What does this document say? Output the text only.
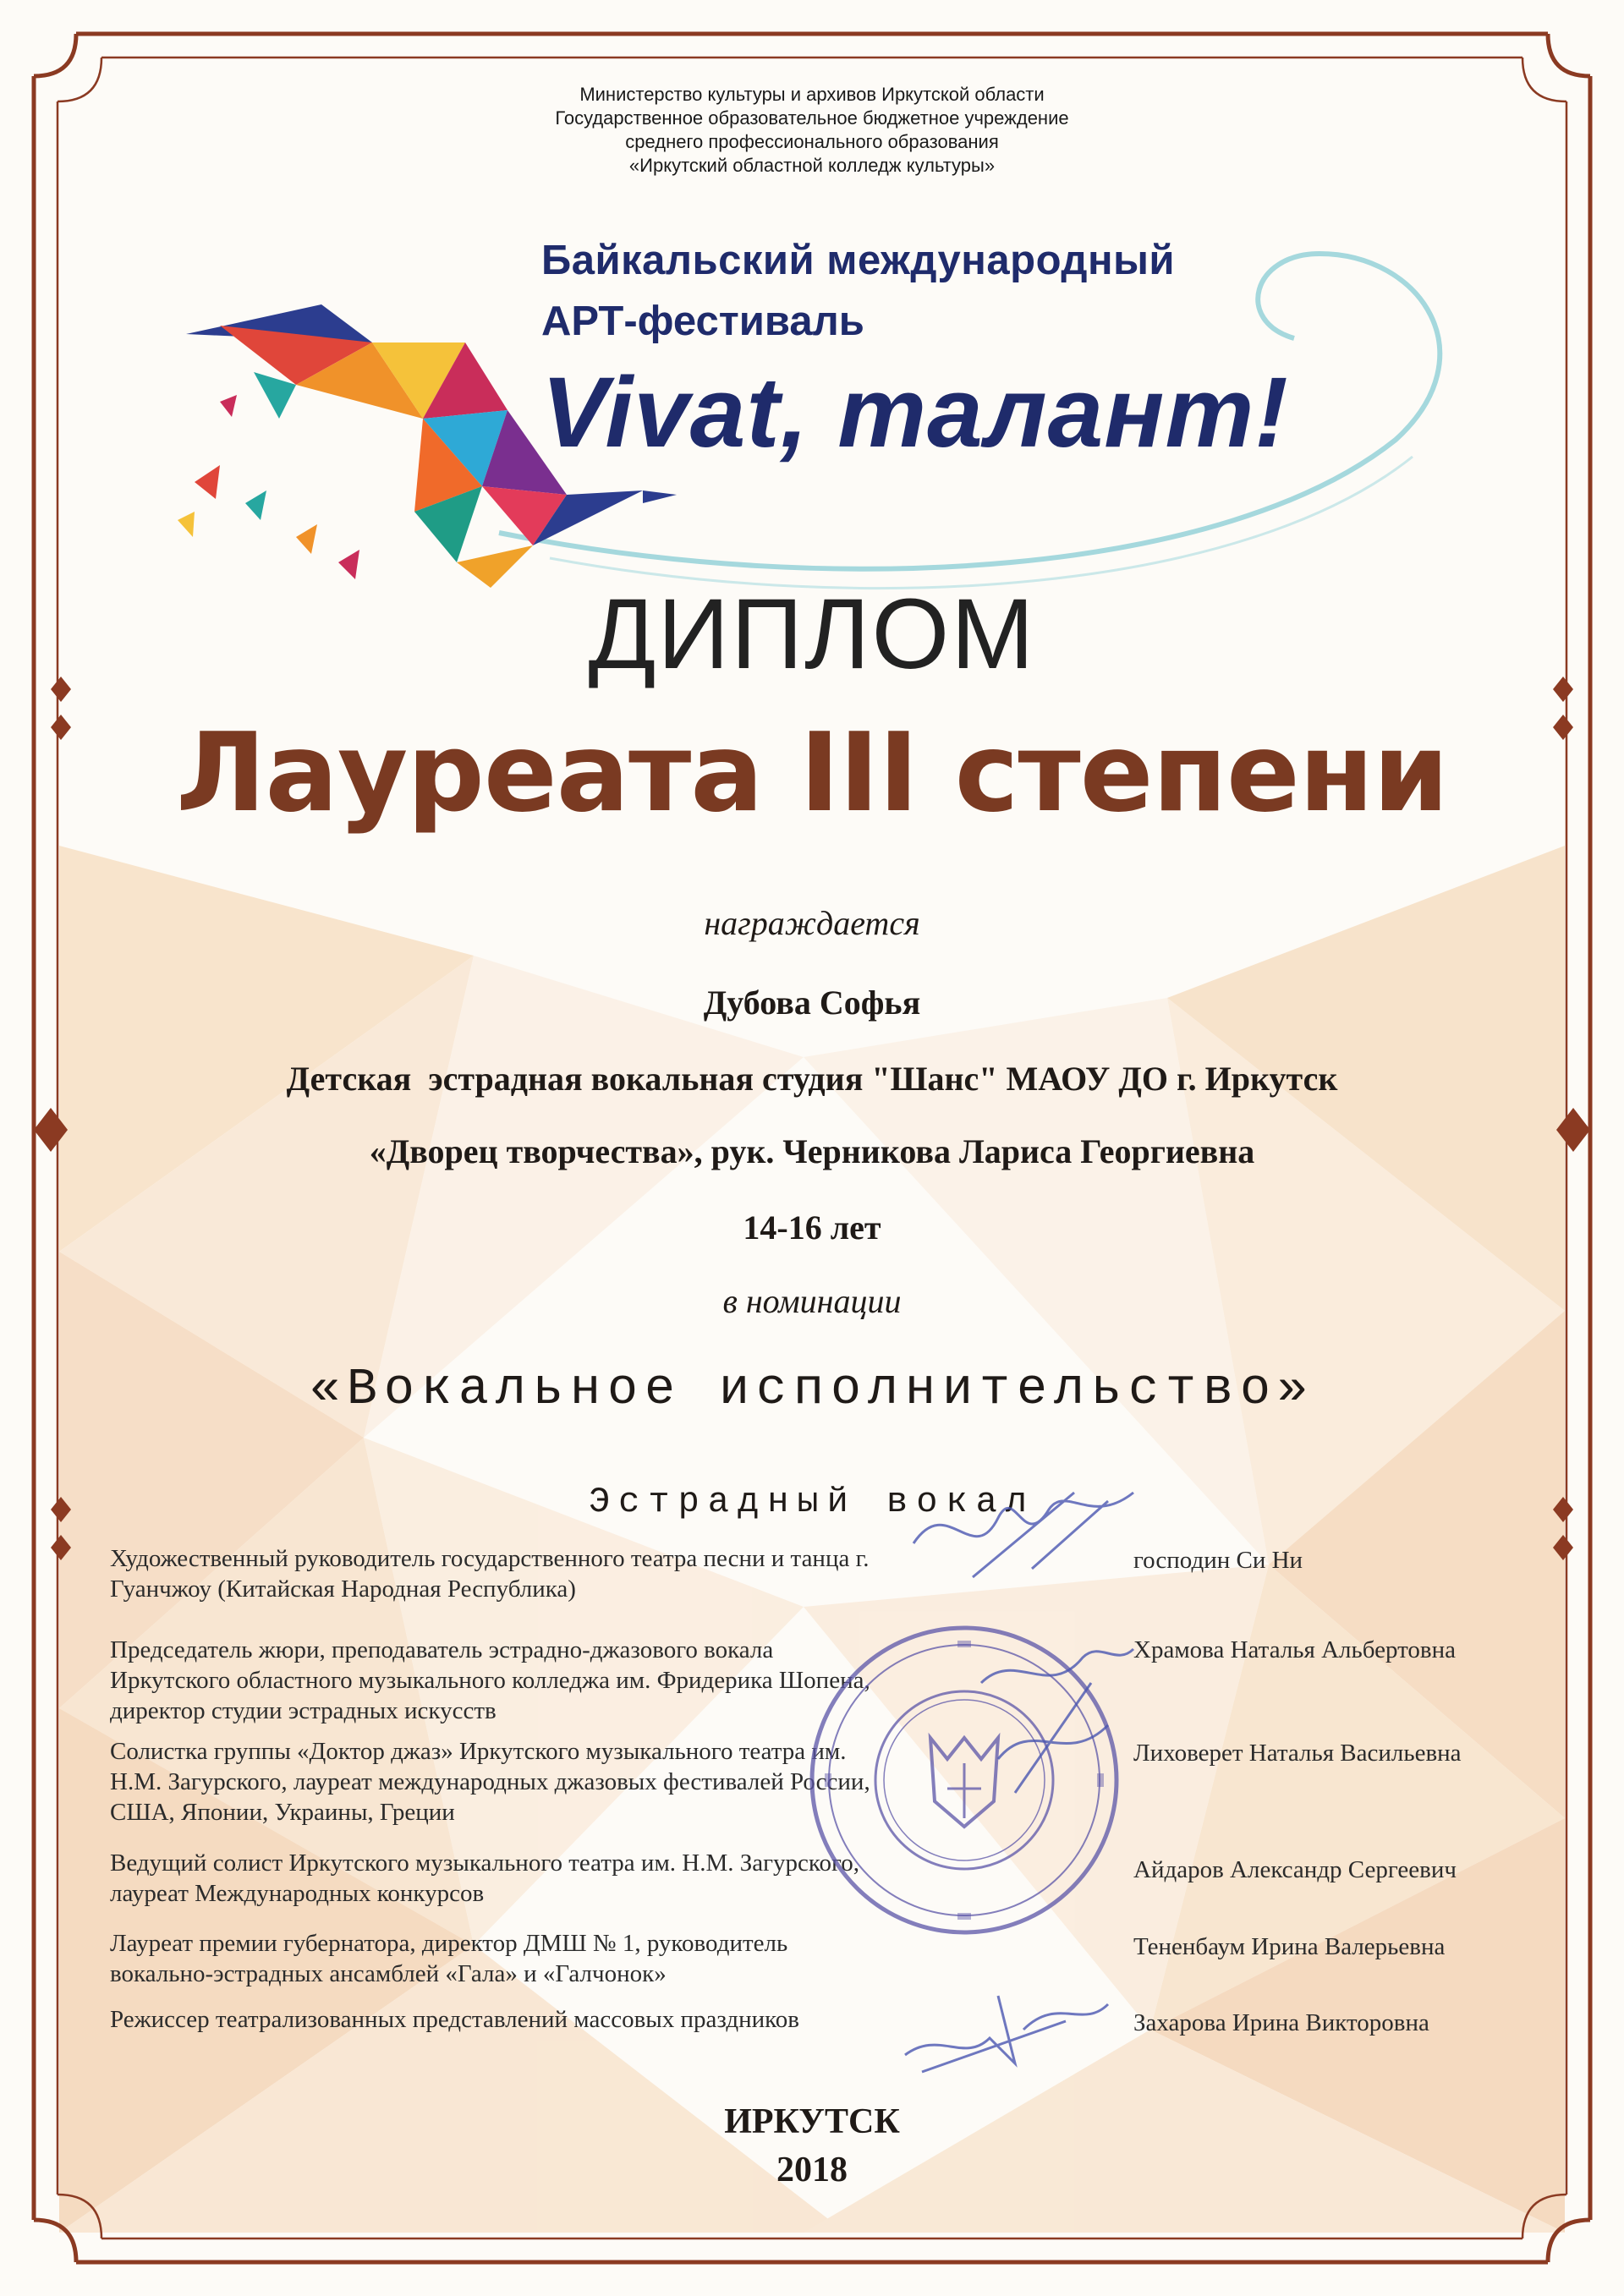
Министерство культуры и архивов Иркутской области
Государственное образовательное бюджетное учреждение
среднего профессионального образования
«Иркутский областной колледж культуры»
Байкальский международный
АРТ-фестиваль
Vivat, талант!
ДИПЛОМ
Лауреата III степени
награждается
Дубова Софья
Детская  эстрадная вокальная студия "Шанс" МАОУ ДО г. Иркутск
«Дворец творчества», рук. Черникова Лариса Георгиевна
14-16 лет
в номинации
«Вокальное исполнительство»
Эстрадный вокал
Художественный руководитель государственного театра песни и танца г. Гуанчжоу (Китайская Народная Республика)
господин Си Ни
Председатель жюри, преподаватель эстрадно-джазового вокала Иркутского областного музыкального колледжа им. Фридерика Шопена, директор студии эстрадных искусств
Храмова Наталья Альбертовна
Солистка группы «Доктор джаз» Иркутского музыкального театра им. Н.М. Загурского, лауреат международных джазовых фестивалей России, США, Японии, Украины, Греции
Лиховерет Наталья Васильевна
Ведущий солист Иркутского музыкального театра им. Н.М. Загурского, лауреат Международных конкурсов
Айдаров Александр Сергеевич
Лауреат премии губернатора, директор ДМШ № 1, руководитель вокально-эстрадных ансамблей «Гала» и «Галчонок»
Тененбаум Ирина Валерьевна
Режиссер театрализованных представлений массовых праздников	Захарова Ирина Викторовна
ИРКУТСК
2018
